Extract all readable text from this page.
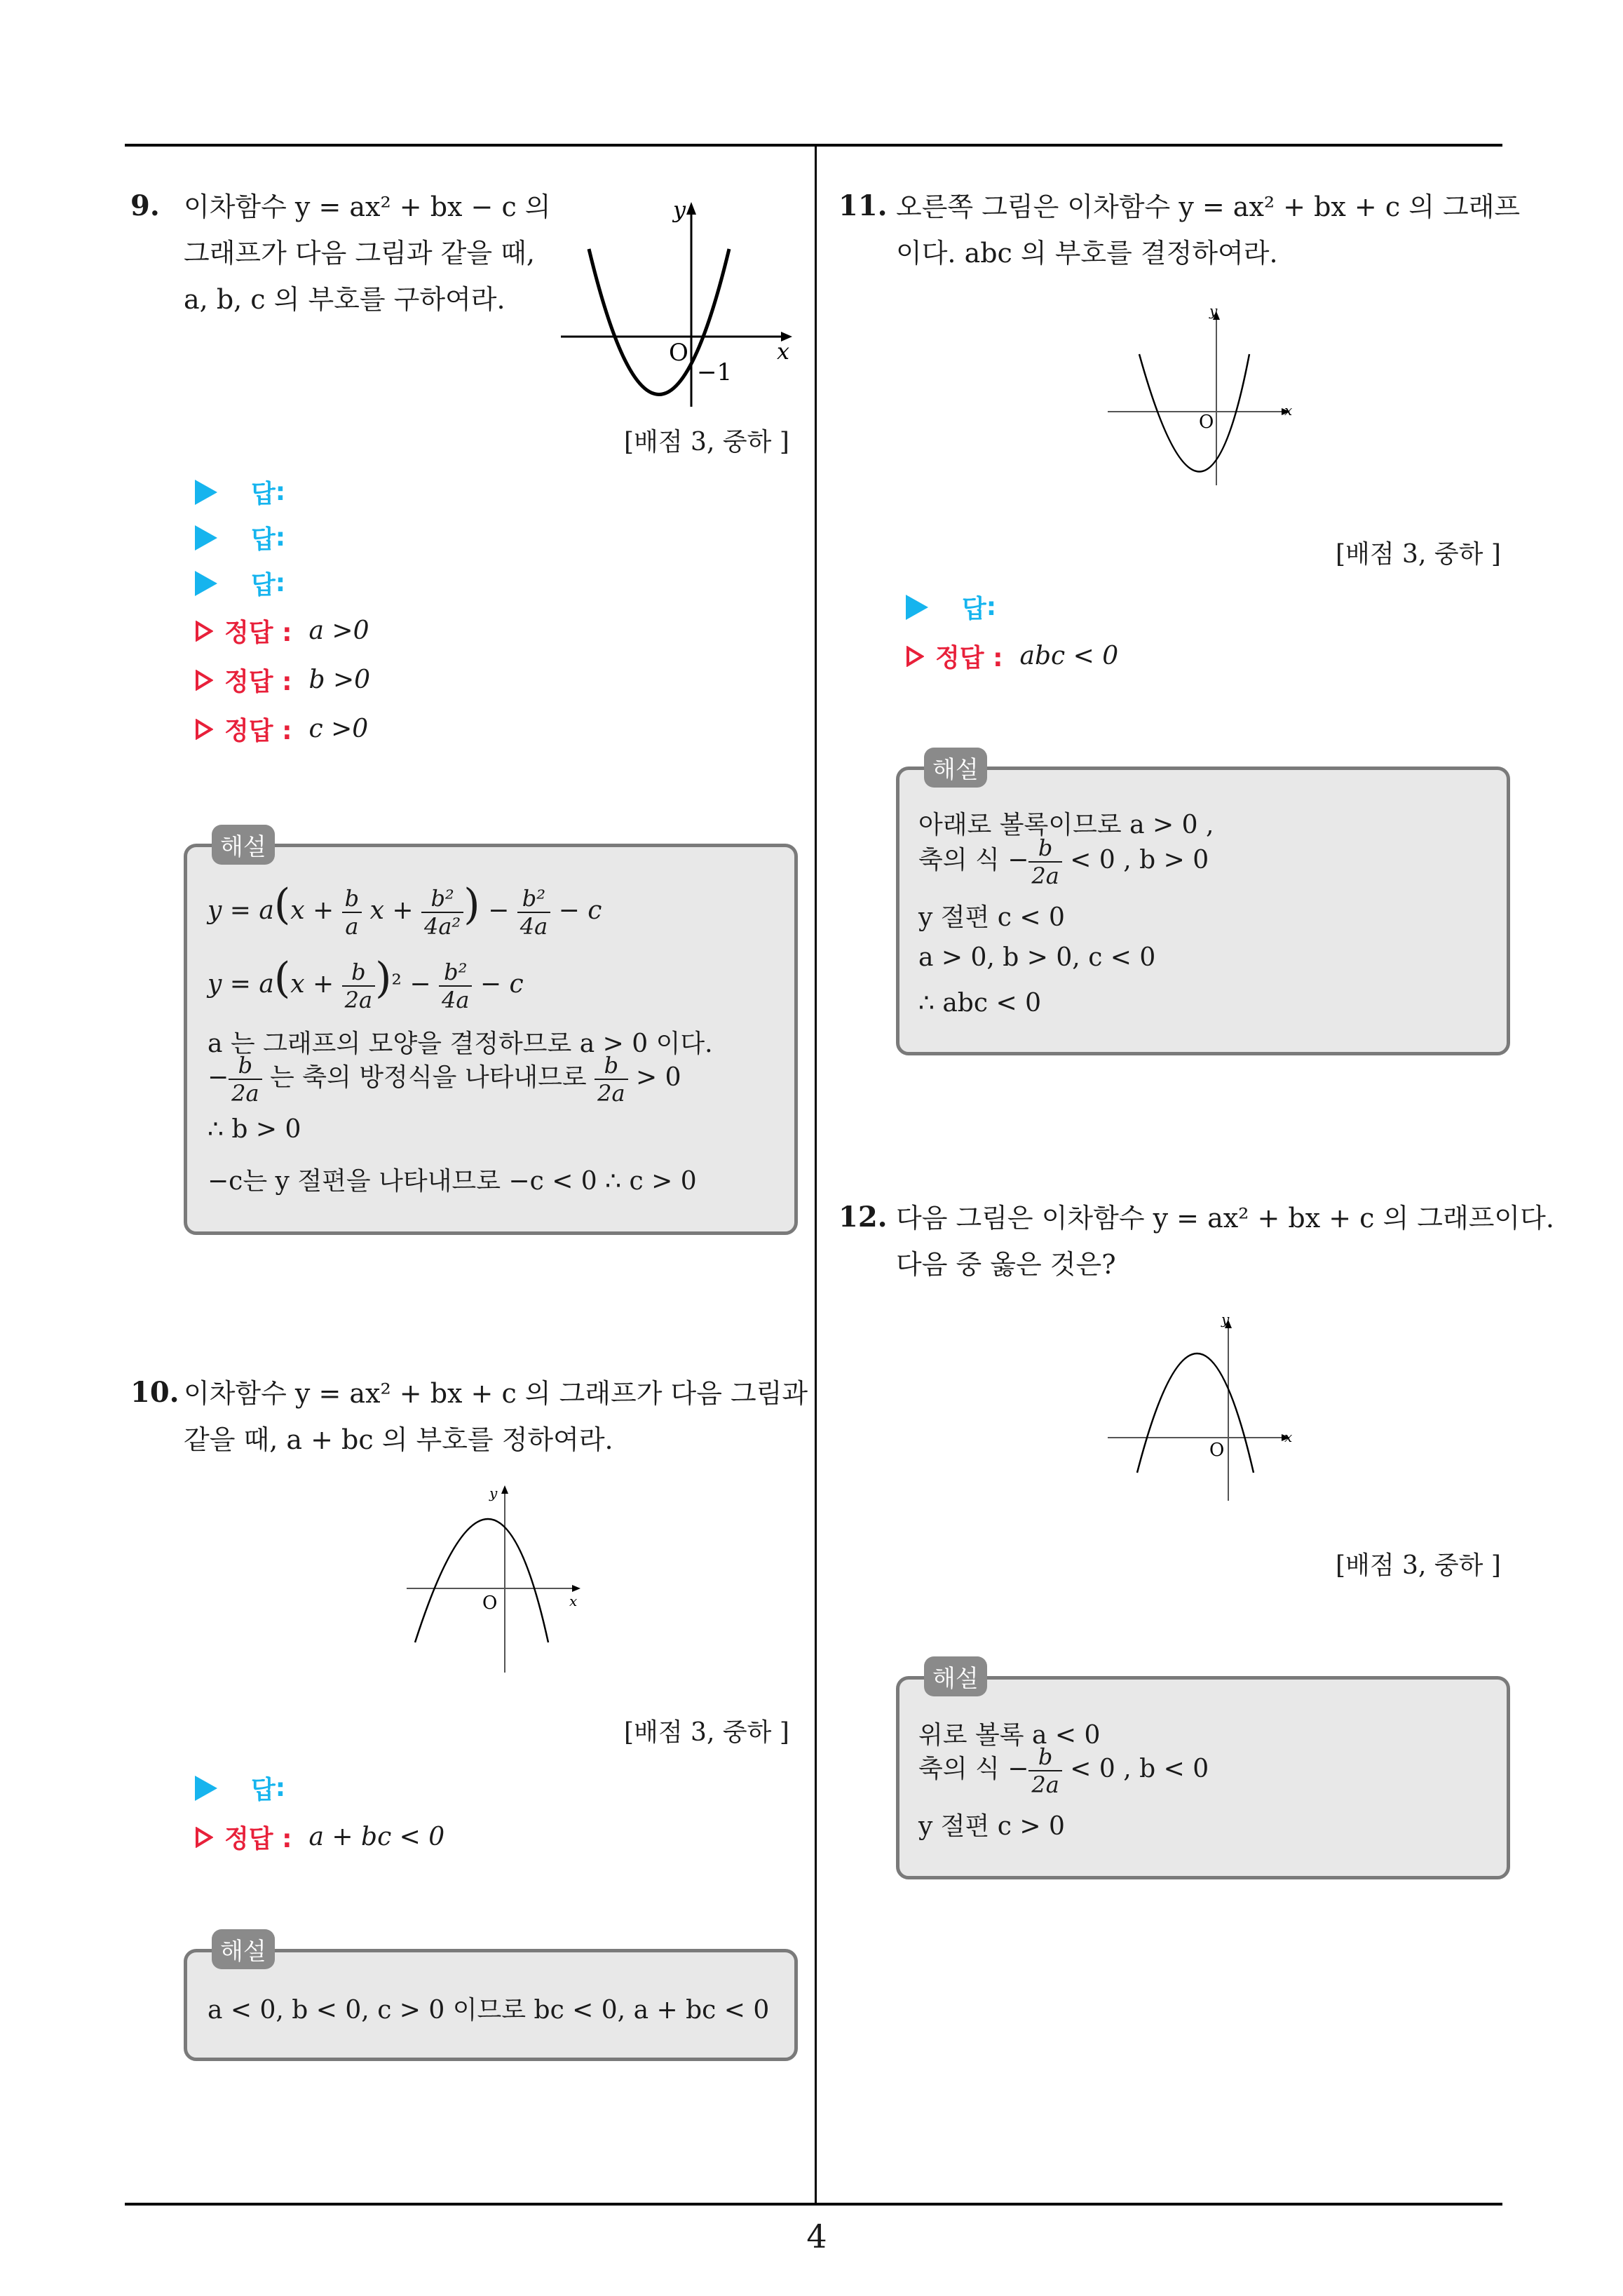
4
9. 이차함수 y = ax² + bx − c 의
그래프가 다음 그림과 같을 때,
a, b, c 의 부호를 구하여라.
y
x
O
−1
[배점 3, 중하 ]
답 :
답 :
답 :
정답 : a >0
정답 : b >0
정답 : c >0
해설
$y = a(x + \frac{b}{a}$ $x + \frac{\text{b²}}{\text{4a²}}$ ) − $\frac{\text{b²}}{4a} - c$
$y = a(x + \frac{b}{2a} )^2 - \frac{\text{b²}}{4a} - c$
a 는 그래프의 모양을 결정하므로 a > 0 이다.
− $\frac{b}{2a}$ 는 축의 방정식을 나타내므로 $\frac{b}{2a} > 0$
∴ b > 0
−c는 y 절편을 나타내므로 −c < 0 ∴ c > 0
10. 이차함수 y = ax² + bx + c 의 그래프가 다음 그림과
같을 때, a + bc 의 부호를 정하여라.
y
x
O
[배점 3, 중하 ]
답 :
정답 : a + bc < 0
해설
a < 0, b < 0, c > 0 이므로 bc < 0, a + bc < 0
11. 오른쪽 그림은 이차함수 y = ax² + bx + c 의 그래프
이다. abc 의 부호를 결정하여라.
y
x
O
[배점 3, 중하 ]
답 :
정답 : abc < 0
해설
아래로 볼록이므로 a > 0 ,
축의 식 − $\frac{b}{2a} < 0$ , b > 0
y 절편 c < 0
a > 0, b > 0, c < 0
∴ abc < 0
12. 다음 그림은 이차함수 y = ax² + bx + c 의 그래프이다.
다음 중 옳은 것은?
y
x
O
[배점 3, 중하 ]
해설
위로 볼록 a < 0
축의 식 − $\frac{b}{2a} < 0$ , b < 0
y 절편 c > 0
